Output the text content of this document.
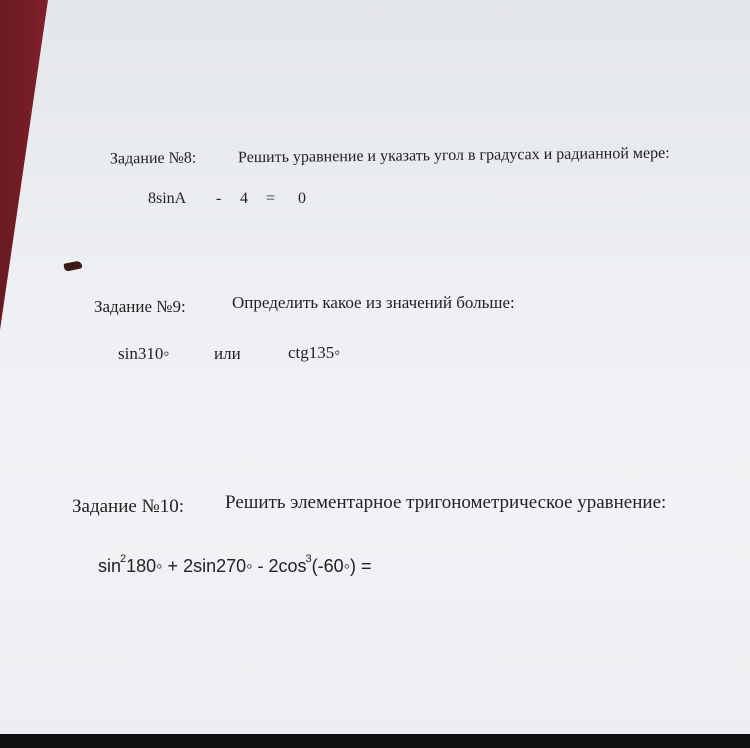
Задание №8:	Решить уравнение и указать угол в градусах и радианной мере:
8sinA - 4 = 0
Задание №9:	Определить какое из значений больше:
sin310◦	или	ctg135◦
Задание №10: Решить элементарное тригонометрическое уравнение:
$\sin^2180◦$ + 2sin270◦ - $2\cos^3(-60◦)$ =
